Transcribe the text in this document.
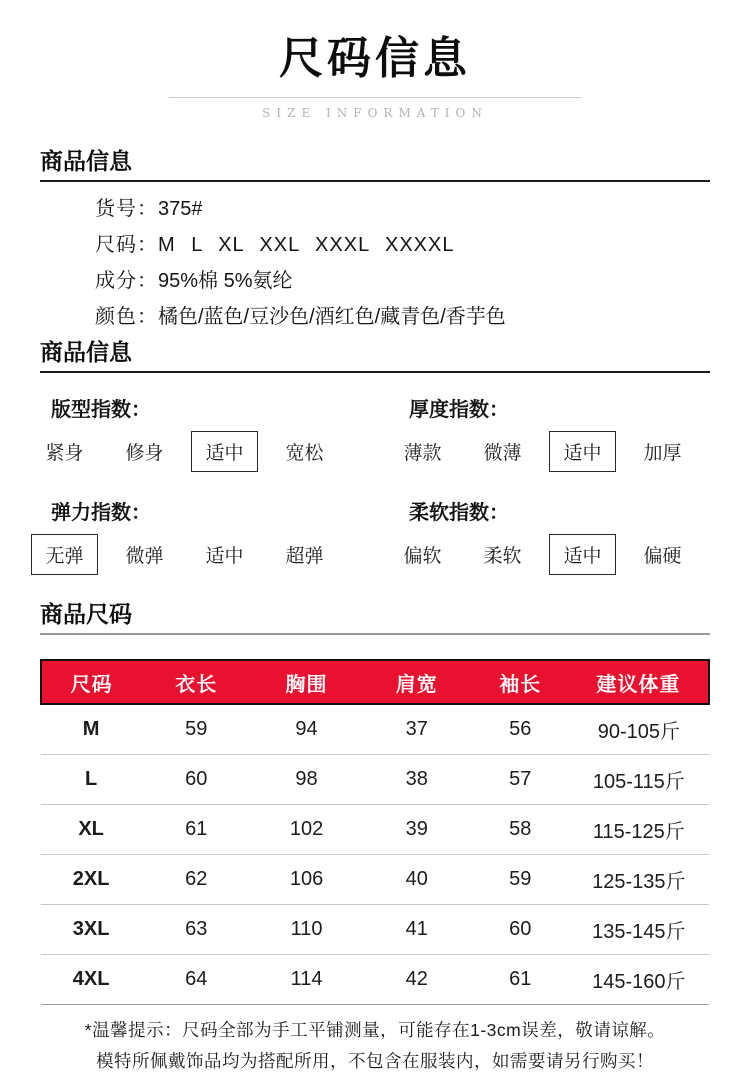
尺码信息
SIZE INFORMATION
商品信息
货号：375#
尺码：M L XL XXL XXXL XXXXL
成分：95%棉 5%氨纶
颜色：橘色/蓝色/豆沙色/酒红色/藏青色/香芋色
商品信息
版型指数：
紧身	修身	适中	宽松
厚度指数：
薄款	微薄	适中	加厚
弹力指数：
无弹	微弹	适中	超弹
柔软指数：
偏软	柔软	适中	偏硬
商品尺码
尺码	衣长	胸围	肩宽	袖长	建议体重
M	59	94	37	56	90-105斤
L	60	98	38	57	105-115斤
XL	61	102	39	58	115-125斤
2XL	62	106	40	59	125-135斤
3XL	63	110	41	60	135-145斤
4XL	64	114	42	61	145-160斤

*温馨提示：尺码全部为手工平铺测量，可能存在1-3cm误差，敬请谅解。

模特所佩戴饰品均为搭配所用，不包含在服装内，如需要请另行购买！
